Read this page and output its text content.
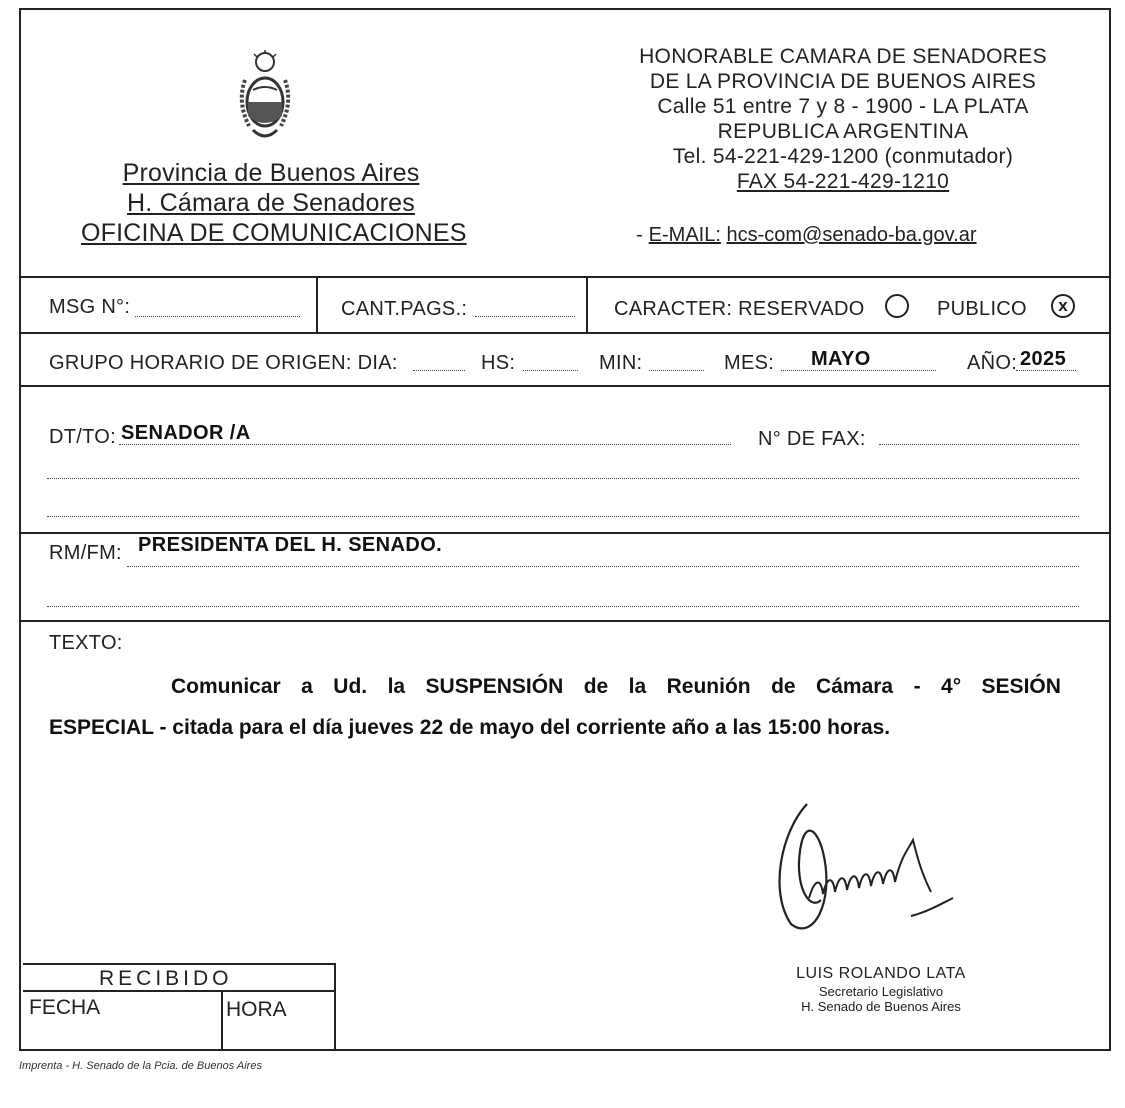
Provincia de Buenos Aires
H. Cámara de Senadores
OFICINA DE COMUNICACIONES
HONORABLE CAMARA DE SENADORES
DE LA PROVINCIA DE BUENOS AIRES
Calle 51 entre 7 y 8 - 1900 - LA PLATA
REPUBLICA ARGENTINA
Tel. 54-221-429-1200 (conmutador)
FAX 54-221-429-1210
- E-MAIL: hcs-com@senado-ba.gov.ar
MSG N°:	CANT.PAGS.:	CARACTER: RESERVADO	PUBLICO	x
GRUPO HORARIO DE ORIGEN: DIA:	HS:	MIN:	MES: MAYO	AÑO: 2025
DT/TO: SENADOR /A	N° DE FAX:
RM/FM: PRESIDENTA DEL H. SENADO.
TEXTO:
Comunicar a Ud. la SUSPENSIÓN de la Reunión de Cámara - 4° SESIÓN
ESPECIAL - citada para el día jueves 22 de mayo del corriente año a las 15:00 horas.
LUIS ROLANDO LATA
Secretario Legislativo
H. Senado de Buenos Aires
RECIBIDO
FECHA	HORA
Imprenta - H. Senado de la Pcia. de Buenos Aires
